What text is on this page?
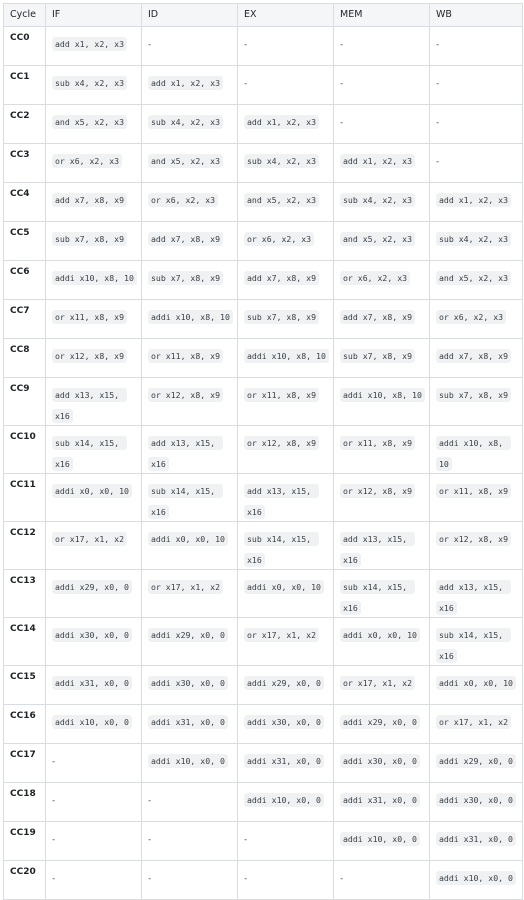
Cycle	IF	ID	EX	MEM	WB
CC0	add x1, x2, x3	-	-	-	-
CC1	sub x4, x2, x3	add x1, x2, x3	-	-	-
CC2	and x5, x2, x3	sub x4, x2, x3	add x1, x2, x3	-	-
CC3	or x6, x2, x3	and x5, x2, x3	sub x4, x2, x3	add x1, x2, x3	-
CC4	add x7, x8, x9	or x6, x2, x3	and x5, x2, x3	sub x4, x2, x3	add x1, x2, x3
CC5	sub x7, x8, x9	add x7, x8, x9	or x6, x2, x3	and x5, x2, x3	sub x4, x2, x3
CC6	addi x10, x8, 10	sub x7, x8, x9	add x7, x8, x9	or x6, x2, x3	and x5, x2, x3
CC7	or x11, x8, x9	addi x10, x8, 10	sub x7, x8, x9	add x7, x8, x9	or x6, x2, x3
CC8	or x12, x8, x9	or x11, x8, x9	addi x10, x8, 10	sub x7, x8, x9	add x7, x8, x9
CC9	add x13, x15, x16	or x12, x8, x9	or x11, x8, x9	addi x10, x8, 10	sub x7, x8, x9
CC10	sub x14, x15, x16	add x13, x15, x16	or x12, x8, x9	or x11, x8, x9	addi x10, x8, 10
CC11	addi x0, x0, 10	sub x14, x15, x16	add x13, x15, x16	or x12, x8, x9	or x11, x8, x9
CC12	or x17, x1, x2	addi x0, x0, 10	sub x14, x15, x16	add x13, x15, x16	or x12, x8, x9
CC13	addi x29, x0, 0	or x17, x1, x2	addi x0, x0, 10	sub x14, x15, x16	add x13, x15, x16
CC14	addi x30, x0, 0	addi x29, x0, 0	or x17, x1, x2	addi x0, x0, 10	sub x14, x15, x16
CC15	addi x31, x0, 0	addi x30, x0, 0	addi x29, x0, 0	or x17, x1, x2	addi x0, x0, 10
CC16	addi x10, x0, 0	addi x31, x0, 0	addi x30, x0, 0	addi x29, x0, 0	or x17, x1, x2
CC17	-	addi x10, x0, 0	addi x31, x0, 0	addi x30, x0, 0	addi x29, x0, 0
CC18	-	-	addi x10, x0, 0	addi x31, x0, 0	addi x30, x0, 0
CC19	-	-	-	addi x10, x0, 0	addi x31, x0, 0
CC20	-	-	-	-	addi x10, x0, 0
